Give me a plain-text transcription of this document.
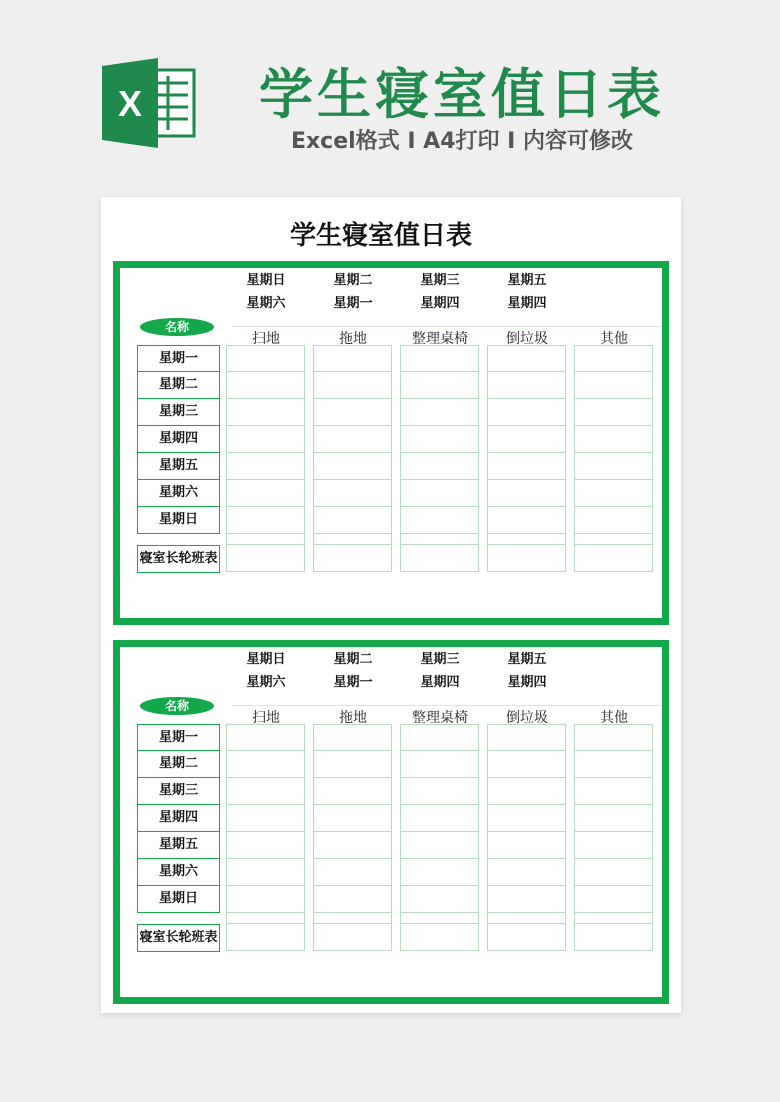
X	学生寝室值日表
Excel格式 Ⅰ A4打印 Ⅰ 内容可修改
学生寝室值日表
星期日	星期二	星期三	星期五
星期六	星期一	星期四	星期四
名称
扫地	拖地	整理桌椅	倒垃圾	其他
星期一
星期二
星期三
星期四
星期五
星期六
星期日
寝室长轮班表
星期日	星期二	星期三	星期五
星期六	星期一	星期四	星期四
名称
扫地	拖地	整理桌椅	倒垃圾	其他
星期一
星期二
星期三
星期四
星期五
星期六
星期日
寝室长轮班表
